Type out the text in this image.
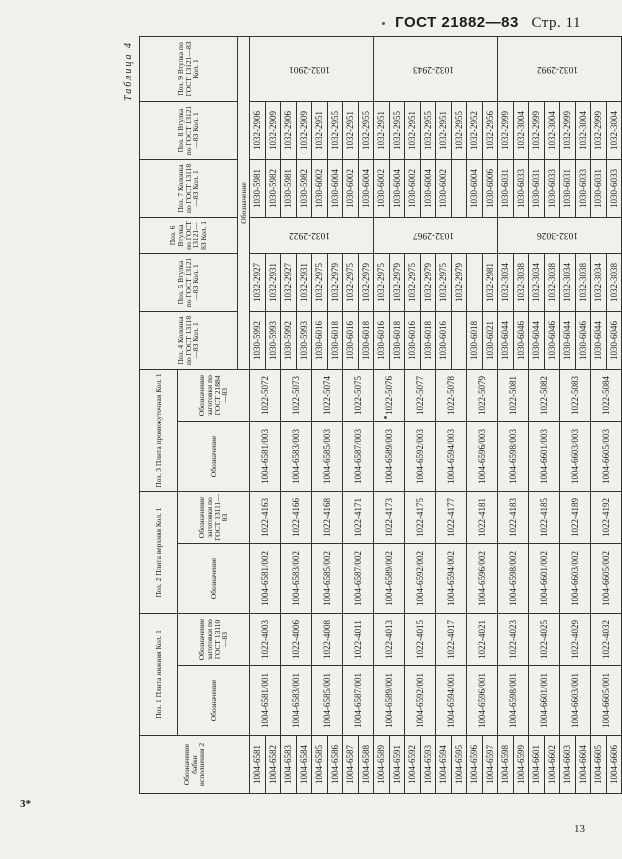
ГОСТ 21882—83 Стр. 11
Таблица 4
Обозначение бабки исполнения 2	Поз. 1 Плита нижняя Кол. 1		Поз. 2 Плита верхняя Кол. 1		Поз. 3 Плита промежуточная Кол. 1		Поз. 4 Колонка по ГОСТ 13118—83 Кол. 1	Поз. 5 Втулка по ГОСТ 13121—83 Кол. 1	Поз. 6 Втулка по ГОСТ 13121—83 Кол. 1	Поз. 7 Колонка по ГОСТ 13118—83 Кол. 1	Поз. 8 Втулка по ГОСТ 13121—83 Кол. 1	Поз. 9 Втулка по ГОСТ 13121—83 Кол. 1
	Обозначение	Обозначение заготовки по ГОСТ 13110—83	Обозначение	Обозначение заготовки по ГОСТ 13111—83	Обозначение	Обозначение заготовки по ГОСТ 21884—83						
							Обозначение					
1004-6581	1004-6581/001	1022-4003	1004-6581/002	1022-4163	1004-6581/003	1022-5072	1030-5992	1032-2927	1032-2922	1030-5981	1032-2906	1032-2901
1004-6582							1030-5993	1032-2931		1030-5982	1032-2909	
1004-6583	1004-6583/001	1022-4006	1004-6583/002	1022-4166	1004-6583/003	1022-5073	1030-5992	1032-2927		1030-5981	1032-2906	
1004-6584							1030-5993	1032-2931		1030-5982	1032-2909	
1004-6585	1004-6585/001	1022-4008	1004-6585/002	1022-4168	1004-6585/003	1022-5074	1030-6016	1032-2975		1030-6002	1032-2951	
1004-6586							1030-6018	1032-2979		1030-6004	1032-2955	
1004-6587	1004-6587/001	1022-4011	1004-6587/002	1022-4171	1004-6587/003	1022-5075	1030-6016	1032-2975		1030-6002	1032-2951	
1004-6588							1030-6018	1032-2979		1030-6004	1032-2955	
1004-6589	1004-6589/001	1022-4013	1004-6589/002	1022-4173	1004-6589/003	1022-5076	1030-6016	1032-2975	1032-2967	1030-6002	1032-2951	1032-2943
1004-6591							1030-6018	1032-2979		1030-6004	1032-2955	
1004-6592	1004-6592/001	1022-4015	1004-6592/002	1022-4175	1004-6592/003	1022-5077	1030-6016	1032-2975		1030-6002	1032-2951	
1004-6593							1030-6018	1032-2979		1030-6004	1032-2955	
1004-6594	1004-6594/001	1022-4017	1004-6594/002	1022-4177	1004-6594/003	1022-5078	1030-6016	1032-2975		1030-6002	1032-2951	
1004-6595								1032-2979			1032-2955	
1004-6596	1004-6596/001	1022-4021	1004-6596/002	1022-4181	1004-6596/003	1022-5079	1030-6018			1030-6004	1032-2952	
1004-6597							1030-6021	1032-2981		1030-6006	1032-2956	
1004-6598	1004-6598/001	1022-4023	1004-6598/002	1022-4183	1004-6598/003	1022-5081	1030-6044	1032-3034	1032-3026	1030-6031	1032-2999	1032-2992
1004-6599							1030-6046	1032-3038		1030-6033	1032-3004	
1004-6601	1004-6601/001	1022-4025	1004-6601/002	1022-4185	1004-6601/003	1022-5082	1030-6044	1032-3034		1030-6031	1032-2999	
1004-6602							1030-6046	1032-3038		1030-6033	1032-3004	
1004-6603	1004-6603/001	1022-4029	1004-6603/002	1022-4189	1004-6603/003	1022-5083	1030-6044	1032-3034		1030-6031	1032-2999	
1004-6604							1030-6046	1032-3038		1030-6033	1032-3004	
1004-6605	1004-6605/001	1022-4032	1004-6605/002	1022-4192	1004-6605/003	1022-5084	1030-6044	1032-3034		1030-6031	1032-2999	
1004-6606							1030-6046	1032-3038		1030-6033	1032-3004	
3*
13
